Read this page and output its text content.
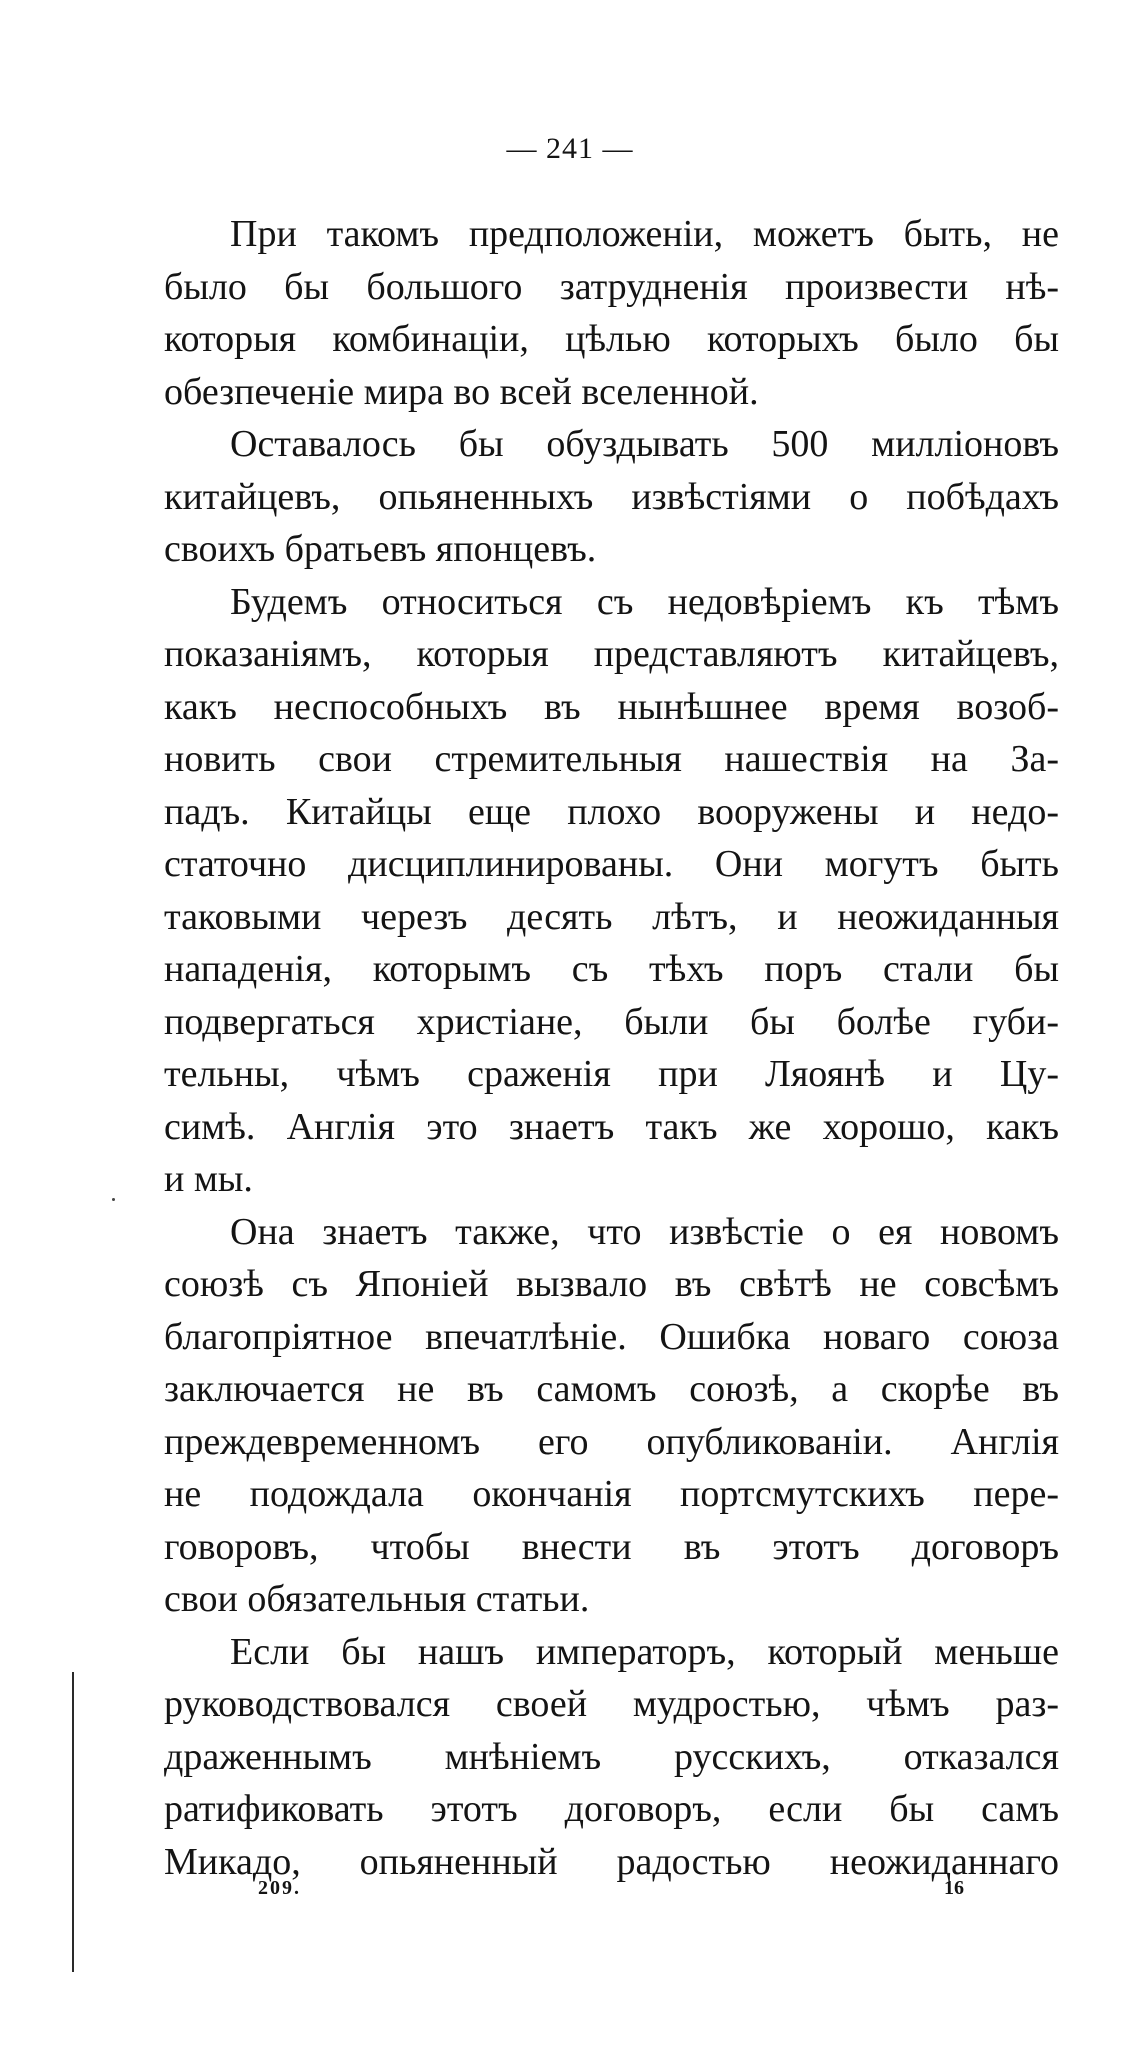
— 241 —
При такомъ предположенiи, можетъ быть, не
было бы большого затрудненiя произвести нѣ-
которыя комбинацiи, цѣлью которыхъ было бы
обезпеченiе мира во всей вселенной.
Оставалось бы обуздывать 500 миллiоновъ
китайцевъ, опьяненныхъ извѣстiями о побѣдахъ
своихъ братьевъ японцевъ.
Будемъ относиться съ недовѣрiемъ къ тѣмъ
показанiямъ, которыя представляютъ китайцевъ,
какъ неспособныхъ въ нынѣшнее время возоб-
новить свои стремительныя нашествiя на За-
падъ. Китайцы еще плохо вооружены и недо-
статочно дисциплинированы. Они могутъ быть
таковыми черезъ десять лѣтъ, и неожиданныя
нападенiя, которымъ съ тѣхъ поръ стали бы
подвергаться христiане, были бы болѣе губи-
тельны, чѣмъ сраженiя при Ляоянѣ и Цу-
симѣ. Англiя это знаетъ такъ же хорошо, какъ
и мы.
Она знаетъ также, что извѣстiе о ея новомъ
союзѣ съ Японiей вызвало въ свѣтѣ не совсѣмъ
благопрiятное впечатлѣнiе. Ошибка новаго союза
заключается не въ самомъ союзѣ, а скорѣе въ
преждевременномъ его опубликованiи. Англiя
не подождала окончанiя портсмутскихъ пере-
говоровъ, чтобы внести въ этотъ договоръ
свои обязательныя статьи.
Если бы нашъ императоръ, который меньше
руководствовался своей мудростью, чѣмъ раз-
драженнымъ мнѣнiемъ русскихъ, отказался
ратификовать этотъ договоръ, если бы самъ
Микадо, опьяненный радостью неожиданнаго
209.	16
